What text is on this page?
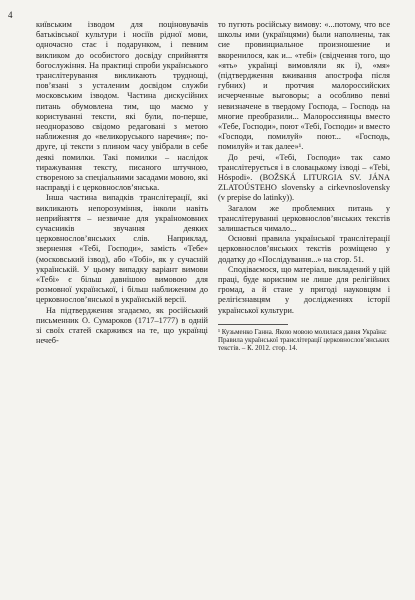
4

київським ізводом для поціновувачів батьківської культури і носіїв рідної мови, одночасно стає і подарунком, і певним викликом до особистого досвіду сприйняття богослужіння. На практиці спроби українського транслітерування викликають труднощі, пов’язані з усталеним досвідом служби московським ізводом. Частина дискусійних питань обумовлена тим, що маємо у користуванні тексти, які були, по-перше, неодноразово свідомо редаговані з метою наближення до «великоруського наречия»; по-друге, ці тексти з плином часу увібрали в себе деякі помилки. Такі помилки – наслідок тиражування тексту, писаного штучною, створеною за спеціальними засадами мовою, які насправді і є церковнослов’янська.

Інша частина випадків транслітерації, які викликають непорозуміння, інколи навіть неприйняття – незвичне для україномовних сучасників звучання деяких церковнослов’янських слів. Наприклад, звернення «Тебі, Господи», замість «Тебе» (московський ізвод), або «Тобі», як у сучасній українській. У цьому випадку варіант вимови «Тебі» є більш давнішою вимовою для розмовної української, і більш наближеним до церковнослов’янської в українській версії.

На підтвердження згадаємо, як російський письменник О. Сумароков (1717–1777) в одній зі своїх статей скаржився на те, що українці нечеб-

то пугють російську вимову: «...потому, что все школы ими (українцями) были наполнены, так сие провинциальное произношение и вкоренилося, как и... «тебі» (свідчення того, що «ять» українці вимовляли як і), «мя» (підтвердження вживання апострофа після губних) и протчия малороссийских исчерченные выговоры; а особливо певні невизначене в твердому Господа, – Господь на многие преобразили... Малороссиянцы вместо «Тебе, Господи», поют «Тебі, Господи» и вместо «Господи, помилуй» поют... «Господь, помилуй» и так далее»¹.

До речі, «Тебі, Господи» так само транслітерується і в словацькому ізводі – «Tebi, Hóspodi». (BOŽSKÁ LITURGIA SV. JÁNA ZLATOÚSTEHO slovensky a cirkevnoslovensky (v prepise do latinky)).

Загалом же проблемних питань у транслітеруванні церковнослов’янських текстів залишається чимало...

Основні правила української транслітерації церковнослов’янських текстів розміщено у додатку до «Послідування...» на стор. 51.

Сподіваємося, що матеріал, викладений у цій праці, буде корисним не лише для релігійних громад, а й стане у пригоді науковцям і релігієзнавцям у дослідженнях історії української культури.

¹ Кузьменко Ганна. Якою мовою молилася давня Україна: Правила української транслітерації церковнослов’янських текстів. – К. 2012. стор. 14.
